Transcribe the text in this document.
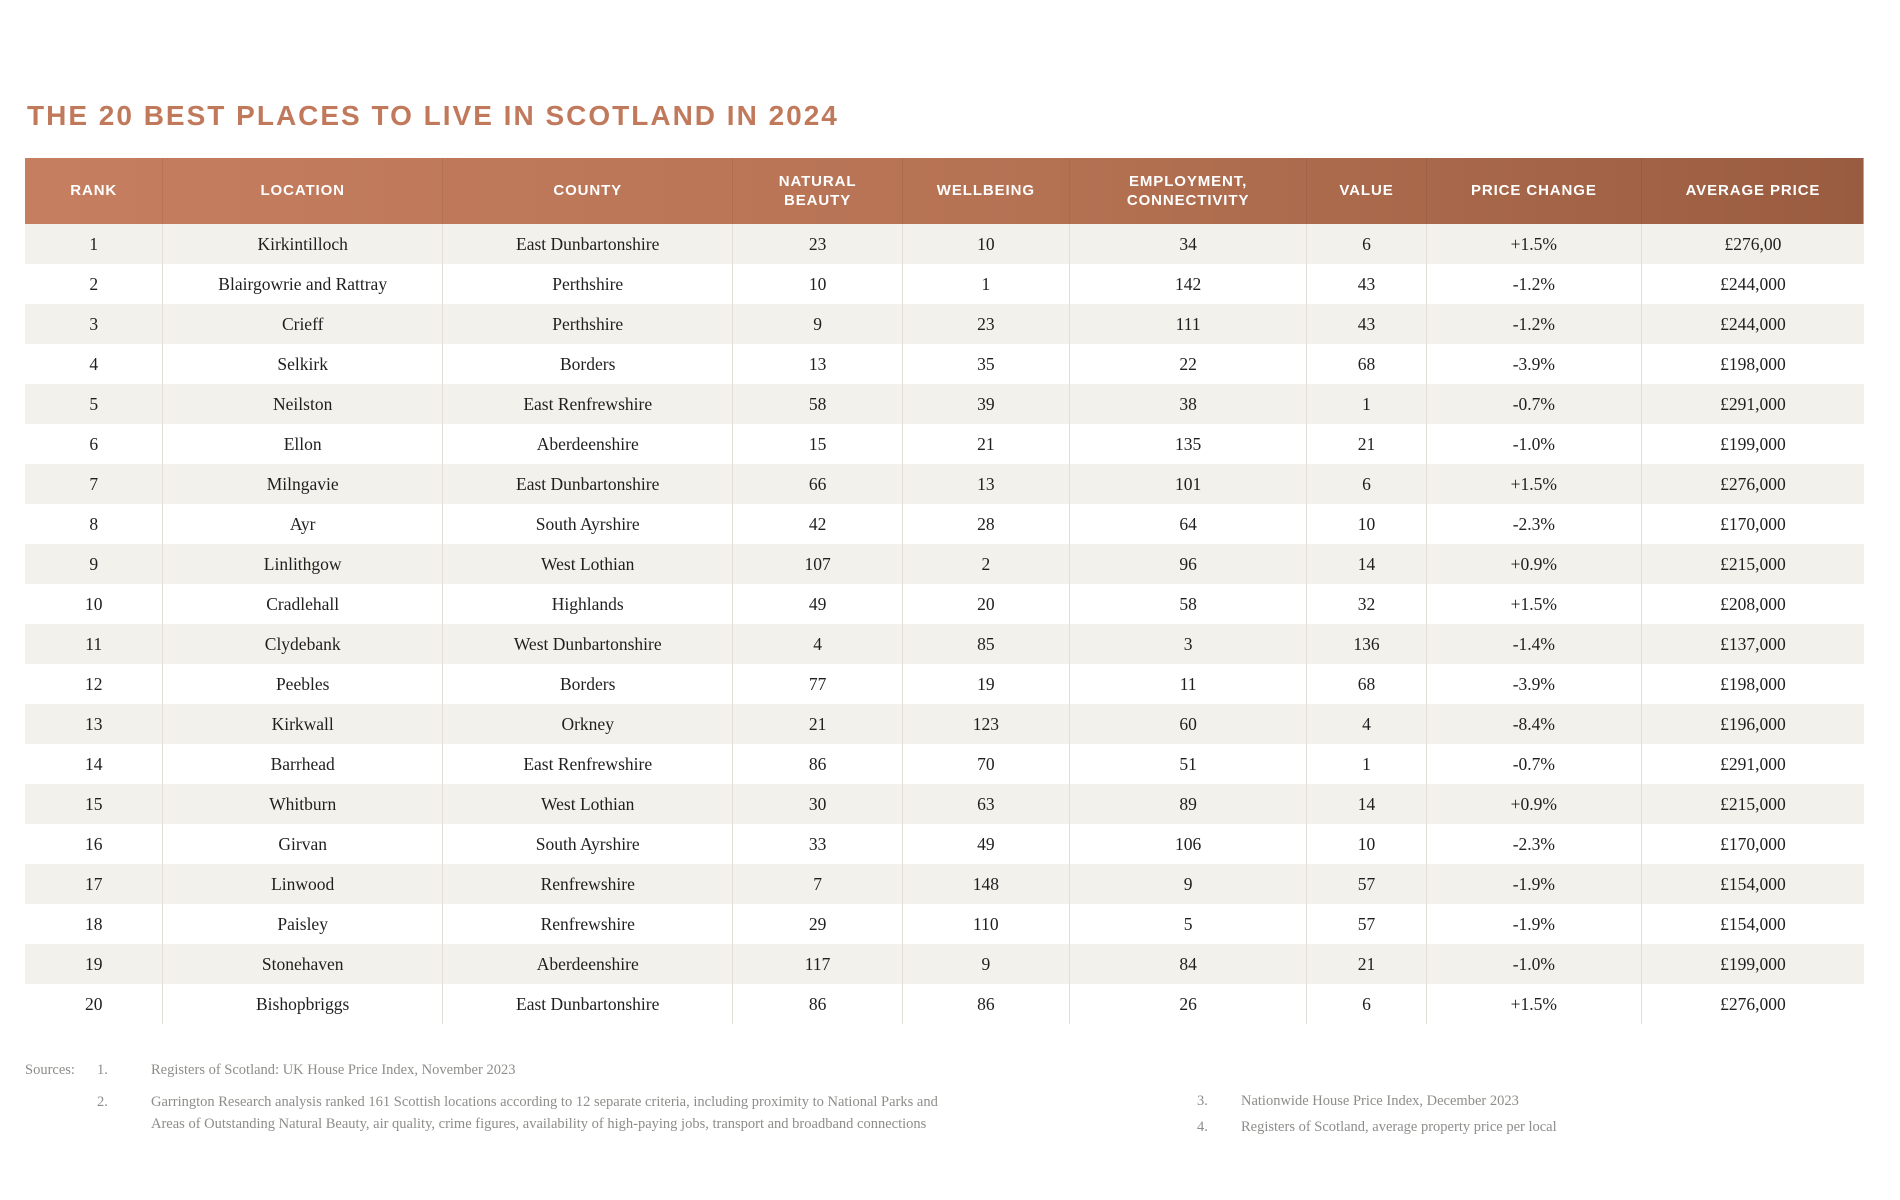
THE 20 BEST PLACES TO LIVE IN SCOTLAND IN 2024
RANK	LOCATION	COUNTY	NATURAL BEAUTY	WELLBEING	EMPLOYMENT, CONNECTIVITY	VALUE	PRICE CHANGE	AVERAGE PRICE
1	Kirkintilloch	East Dunbartonshire	23	10	34	6	+1.5%	£276,00
2	Blairgowrie and Rattray	Perthshire	10	1	142	43	-1.2%	£244,000
3	Crieff	Perthshire	9	23	111	43	-1.2%	£244,000
4	Selkirk	Borders	13	35	22	68	-3.9%	£198,000
5	Neilston	East Renfrewshire	58	39	38	1	-0.7%	£291,000
6	Ellon	Aberdeenshire	15	21	135	21	-1.0%	£199,000
7	Milngavie	East Dunbartonshire	66	13	101	6	+1.5%	£276,000
8	Ayr	South Ayrshire	42	28	64	10	-2.3%	£170,000
9	Linlithgow	West Lothian	107	2	96	14	+0.9%	£215,000
10	Cradlehall	Highlands	49	20	58	32	+1.5%	£208,000
11	Clydebank	West Dunbartonshire	4	85	3	136	-1.4%	£137,000
12	Peebles	Borders	77	19	11	68	-3.9%	£198,000
13	Kirkwall	Orkney	21	123	60	4	-8.4%	£196,000
14	Barrhead	East Renfrewshire	86	70	51	1	-0.7%	£291,000
15	Whitburn	West Lothian	30	63	89	14	+0.9%	£215,000
16	Girvan	South Ayrshire	33	49	106	10	-2.3%	£170,000
17	Linwood	Renfrewshire	7	148	9	57	-1.9%	£154,000
18	Paisley	Renfrewshire	29	110	5	57	-1.9%	£154,000
19	Stonehaven	Aberdeenshire	117	9	84	21	-1.0%	£199,000
20	Bishopbriggs	East Dunbartonshire	86	86	26	6	+1.5%	£276,000
Sources:	1.	Registers of Scotland: UK House Price Index, November 2023
2.	Garrington Research analysis ranked 161 Scottish locations according to 12 separate criteria, including proximity to National Parks and Areas of Outstanding Natural Beauty, air quality, crime figures, availability of high-paying jobs, transport and broadband connections
3.	Nationwide House Price Index, December 2023
4.	Registers of Scotland, average property price per local
